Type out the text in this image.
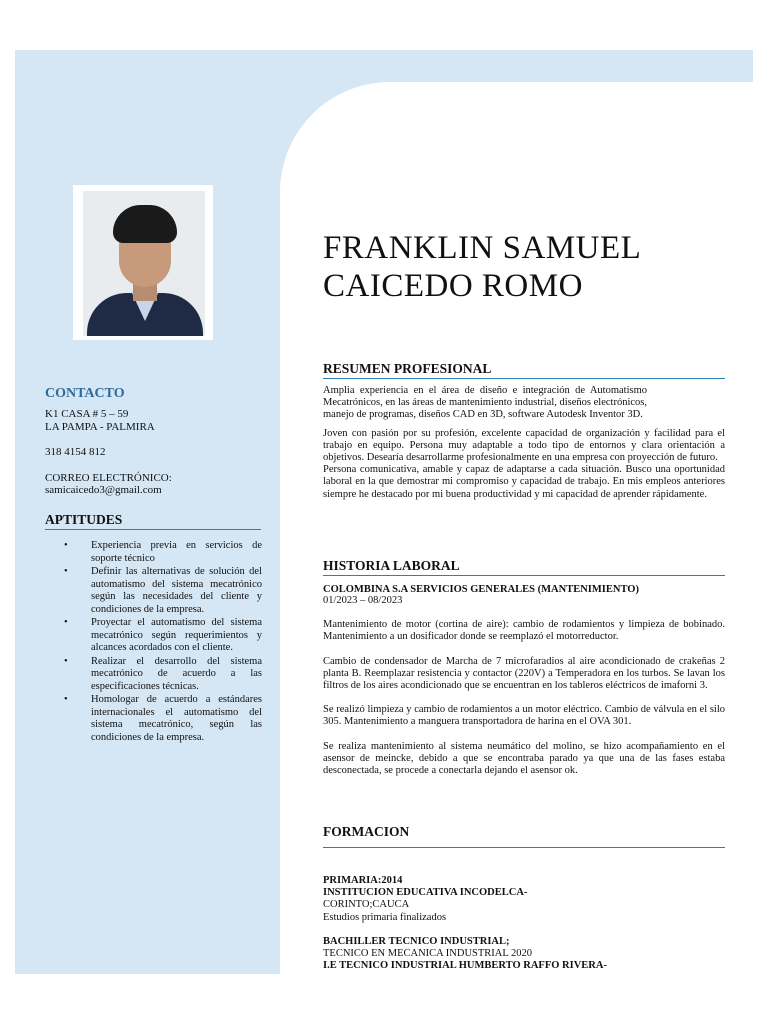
CONTACTO
K1 CASA # 5 – 59
LA PAMPA - PALMIRA
318 4154 812
CORREO ELECTRÓNICO:
samicaicedo3@gmail.com
APTITUDES
• Experiencia previa en servicios de soporte técnico
• Definir las alternativas de solución del automatismo del sistema mecatrónico según las necesidades del cliente y condiciones de la empresa.
• Proyectar el automatismo del sistema mecatrónico según requerimientos y alcances acordados con el cliente.
• Realizar el desarrollo del sistema mecatrónico de acuerdo a las especificaciones técnicas.
• Homologar de acuerdo a estándares internacionales el automatismo del sistema mecatrónico, según las condiciones de la empresa.
FRANKLIN SAMUEL
CAICEDO ROMO
RESUMEN PROFESIONAL

Amplia experiencia en el área de diseño e integración de Automatismo Mecatrónicos, en las áreas de mantenimiento industrial, diseños electrónicos, manejo de programas, diseños CAD en 3D, software Autodesk Inventor 3D.

Joven con pasión por su profesión, excelente capacidad de organización y facilidad para el trabajo en equipo. Persona muy adaptable a todo tipo de entornos y clara orientación a objetivos. Desearía desarrollarme profesionalmente en una empresa con proyección de futuro.

Persona comunicativa, amable y capaz de adaptarse a cada situación. Busco una oportunidad laboral en la que demostrar mi compromiso y capacidad de trabajo. En mis empleos anteriores siempre he destacado por mi buena productividad y mi capacidad de aprender rápidamente.

HISTORIA LABORAL
COLOMBINA S.A SERVICIOS GENERALES (MANTENIMIENTO)
01/2023 – 08/2023

Mantenimiento de motor (cortina de aire): cambio de rodamientos y limpieza de bobinado. Mantenimiento a un dosificador donde se reemplazó el motorreductor.

Cambio de condensador de Marcha de 7 microfaradios al aire acondicionado de crakeñas 2 planta B. Reemplazar resistencia y contactor (220V) a Temperadora en los turbos. Se lavan los filtros de los aires acondicionado que se encuentran en los tableros eléctricos de imaforni 3.

Se realizó limpieza y cambio de rodamientos a un motor eléctrico. Cambio de válvula en el silo 305. Mantenimiento a manguera transportadora de harina en el OVA 301.

Se realiza mantenimiento al sistema neumático del molino, se hizo acompañamiento en el asensor de meincke, debido a que se encontraba parado ya que una de las fases estaba desconectada, se procede a conectarla dejando el asensor ok.

FORMACION
PRIMARIA:2014
INSTITUCION EDUCATIVA INCODELCA-
CORINTO;CAUCA
Estudios primaria finalizados
BACHILLER TECNICO INDUSTRIAL;
TECNICO EN MECANICA INDUSTRIAL 2020
I.E TECNICO INDUSTRIAL HUMBERTO RAFFO RIVERA-
